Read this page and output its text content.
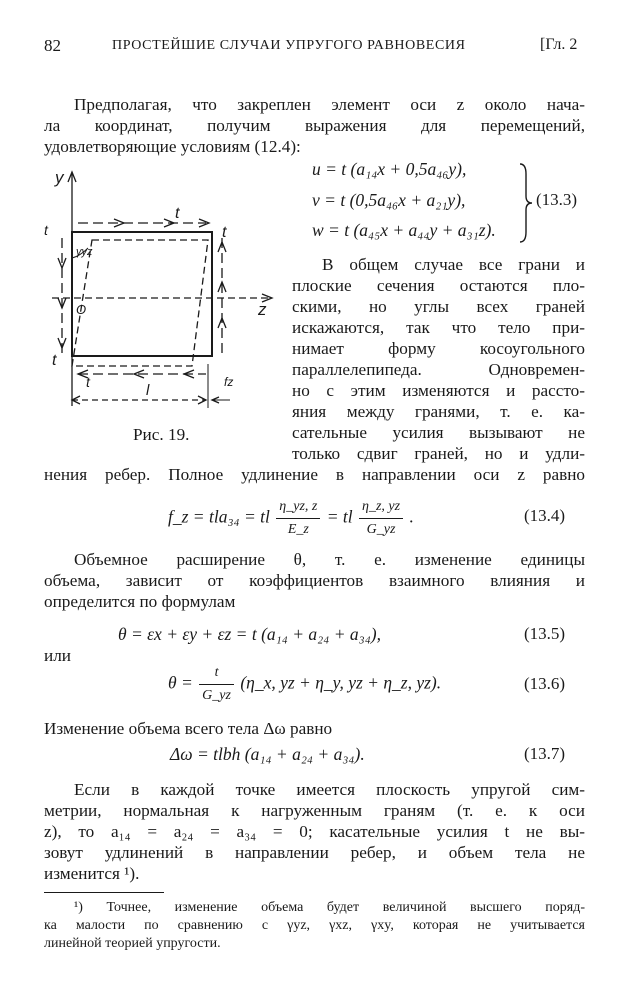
82	ПРОСТЕЙШИЕ СЛУЧАИ УПРУГОГО РАВНОВЕСИЯ	[Гл. 2
Предполагая, что закреплен элемент оси z около нача-
ла координат, получим выражения для перемещений,
удовлетворяющие условиям (12.4):
u = t (a₁₄x + 0,5a₄₆y),
v = t (0,5a₄₆x + a₂₁y),
w = t (a₄₅x + a₄₄y + a₃₁z).
(13.3)
y
z
O
t
t
t
t
t
γyz
l	fz
Рис. 19.
В общем случае все грани и
плоские сечения остаются пло-
скими, но углы всех граней
искажаются, так что тело при-
нимает форму косоугольного
параллелепипеда. Одновремен-
но с этим изменяются и рассто-
яния между гранями, т. е. ка-
сательные усилия вызывают не
только сдвиг граней, но и удли-
нения ребер. Полное удлинение в направлении оси z равно
f_z = tla₃₄ = tl $\frac{\eta\_yz, z}{E\_z}$ = tl $\frac{\eta\_z, yz}{G\_yz}$ .	(13.4)
Объемное расширение θ, т. е. изменение единицы
объема, зависит от коэффициентов взаимного влияния и
определится по формулам
θ = εx + εy + εz = t (a₁₄ + a₂₄ + a₃₄),	(13.5)
или
$\theta = \frac{t}{G\_yz}$ (η_x, yz + η_y, yz + η_z, yz).	(13.6)
Изменение объема всего тела Δω равно
Δω = tlbh (a₁₄ + a₂₄ + a₃₄).	(13.7)
Если в каждой точке имеется плоскость упругой сим-
метрии, нормальная к нагруженным граням (т. е. к оси
z), то a₁₄ = a₂₄ = a₃₄ = 0; касательные усилия t не вы-
зовут удлинений в направлении ребер, и объем тела не
изменится ¹).
¹) Точнее, изменение объема будет величиной высшего поряд-
ка малости по сравнению с γyz, γxz, γxy, которая не учитывается
линейной теорией упругости.
